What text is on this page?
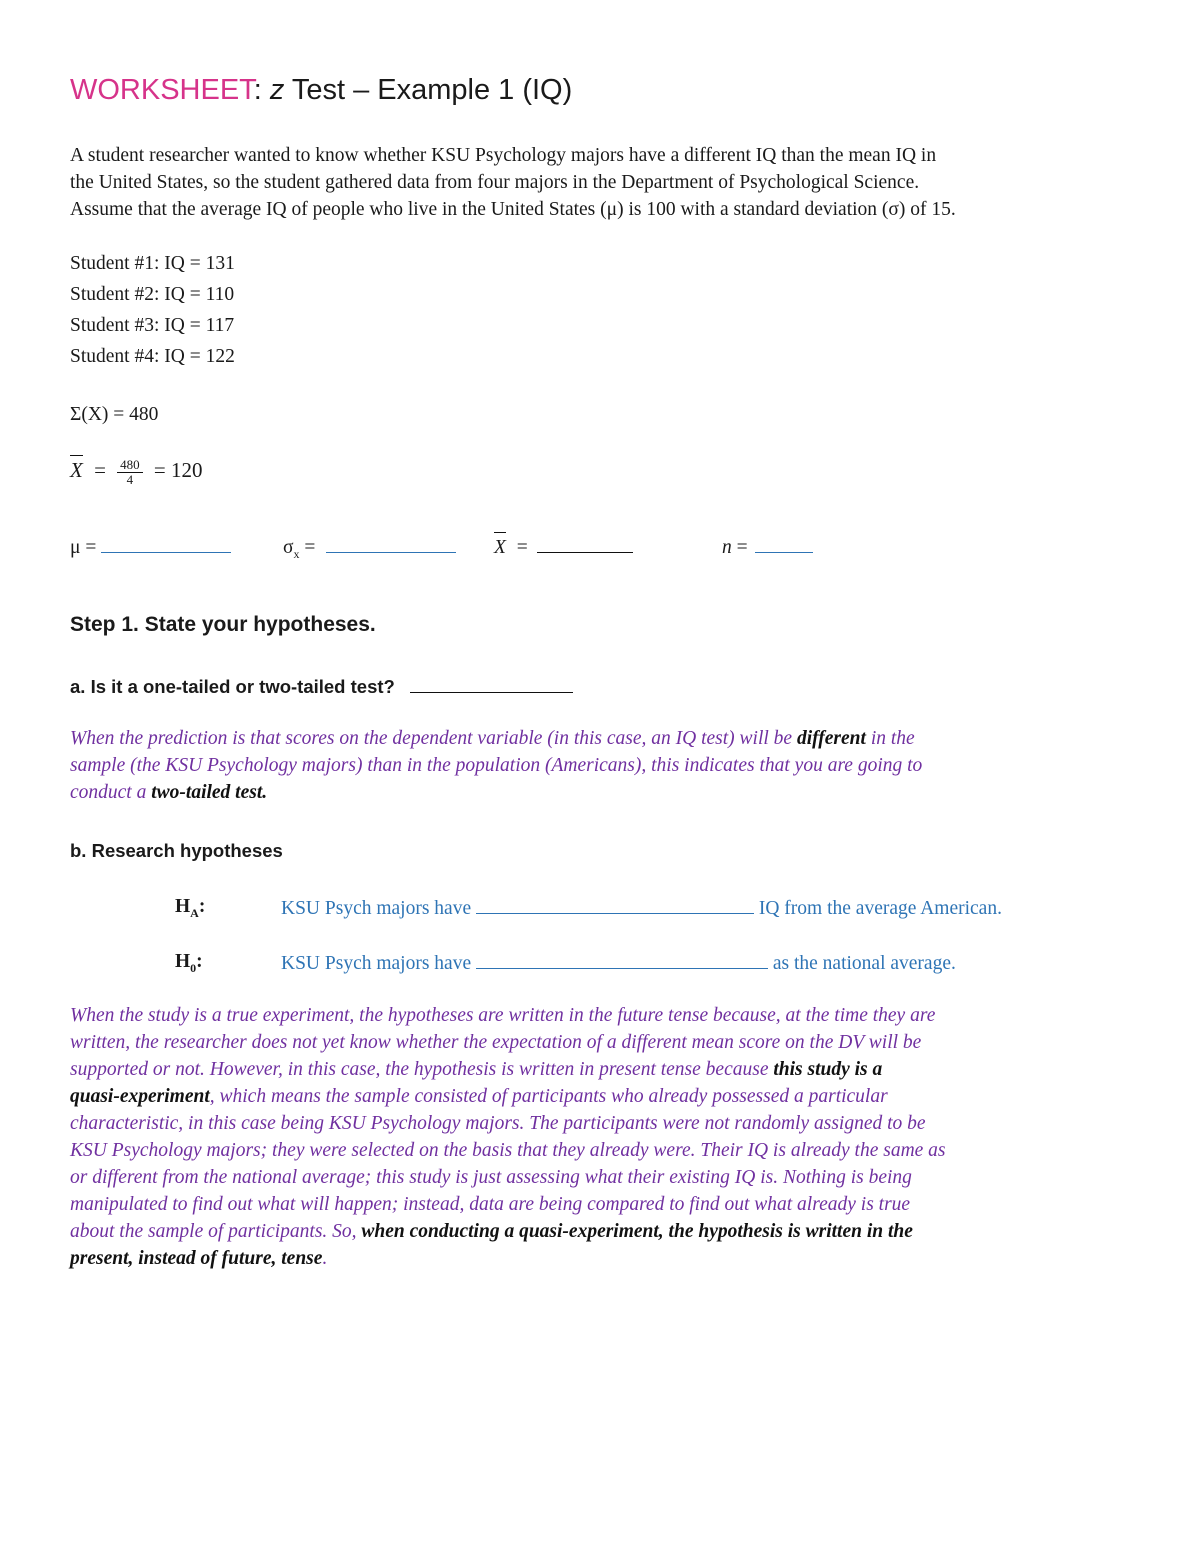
WORKSHEET: z Test – Example 1 (IQ)
A student researcher wanted to know whether KSU Psychology majors have a different IQ than the mean IQ in
the United States, so the student gathered data from four majors in the Department of Psychological Science.
Assume that the average IQ of people who live in the United States (μ) is 100 with a standard deviation (σ) of 15.
Student #1: IQ = 131
Student #2: IQ = 110
Student #3: IQ = 117
Student #4: IQ = 122
Σ(X) = 480
$X = \frac{480}{4} = 120$
μ =	$\sigma_x$ =	X =	n =
Step 1. State your hypotheses.
a. Is it a one-tailed or two-tailed test?
When the prediction is that scores on the dependent variable (in this case, an IQ test) will be different in the
sample (the KSU Psychology majors) than in the population (Americans), this indicates that you are going to
conduct a two-tailed test.
b. Research hypotheses
$H_A$:	KSU Psych majors have	IQ from the average American.
$H_0$:	KSU Psych majors have	as the national average.
When the study is a true experiment, the hypotheses are written in the future tense because, at the time they are
written, the researcher does not yet know whether the expectation of a different mean score on the DV will be
supported or not. However, in this case, the hypothesis is written in present tense because this study is a
quasi-experiment, which means the sample consisted of participants who already possessed a particular
characteristic, in this case being KSU Psychology majors. The participants were not randomly assigned to be
KSU Psychology majors; they were selected on the basis that they already were. Their IQ is already the same as
or different from the national average; this study is just assessing what their existing IQ is. Nothing is being
manipulated to find out what will happen; instead, data are being compared to find out what already is true
about the sample of participants. So, when conducting a quasi-experiment, the hypothesis is written in the
present, instead of future, tense.
